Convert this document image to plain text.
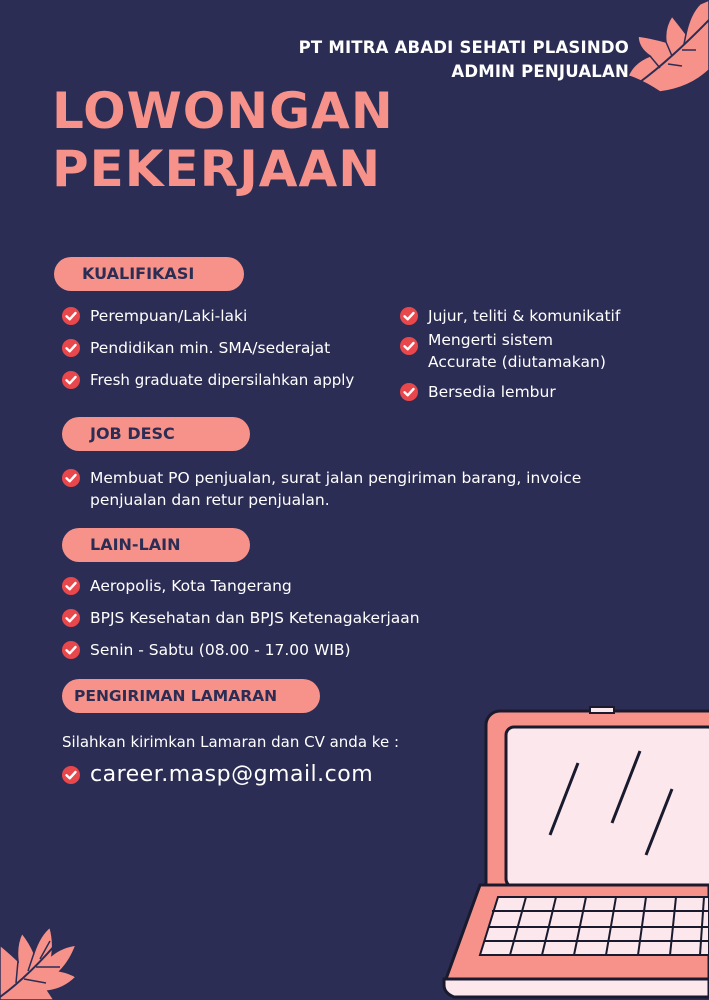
PT MITRA ABADI SEHATI PLASINDO
ADMIN PENJUALAN
LOWONGAN
PEKERJAAN
KUALIFIKASI
Perempuan/Laki-laki
Pendidikan min. SMA/sederajat
Fresh graduate dipersilahkan apply
Jujur, teliti & komunikatif
Mengerti sistem
Accurate (diutamakan)
Bersedia lembur
JOB DESC
Membuat PO penjualan, surat jalan pengiriman barang, invoice
penjualan dan retur penjualan.
LAIN-LAIN
Aeropolis, Kota Tangerang
BPJS Kesehatan dan BPJS Ketenagakerjaan
Senin - Sabtu (08.00 - 17.00 WIB)
PENGIRIMAN LAMARAN
Silahkan kirimkan Lamaran dan CV anda ke :
career.masp@gmail.com
